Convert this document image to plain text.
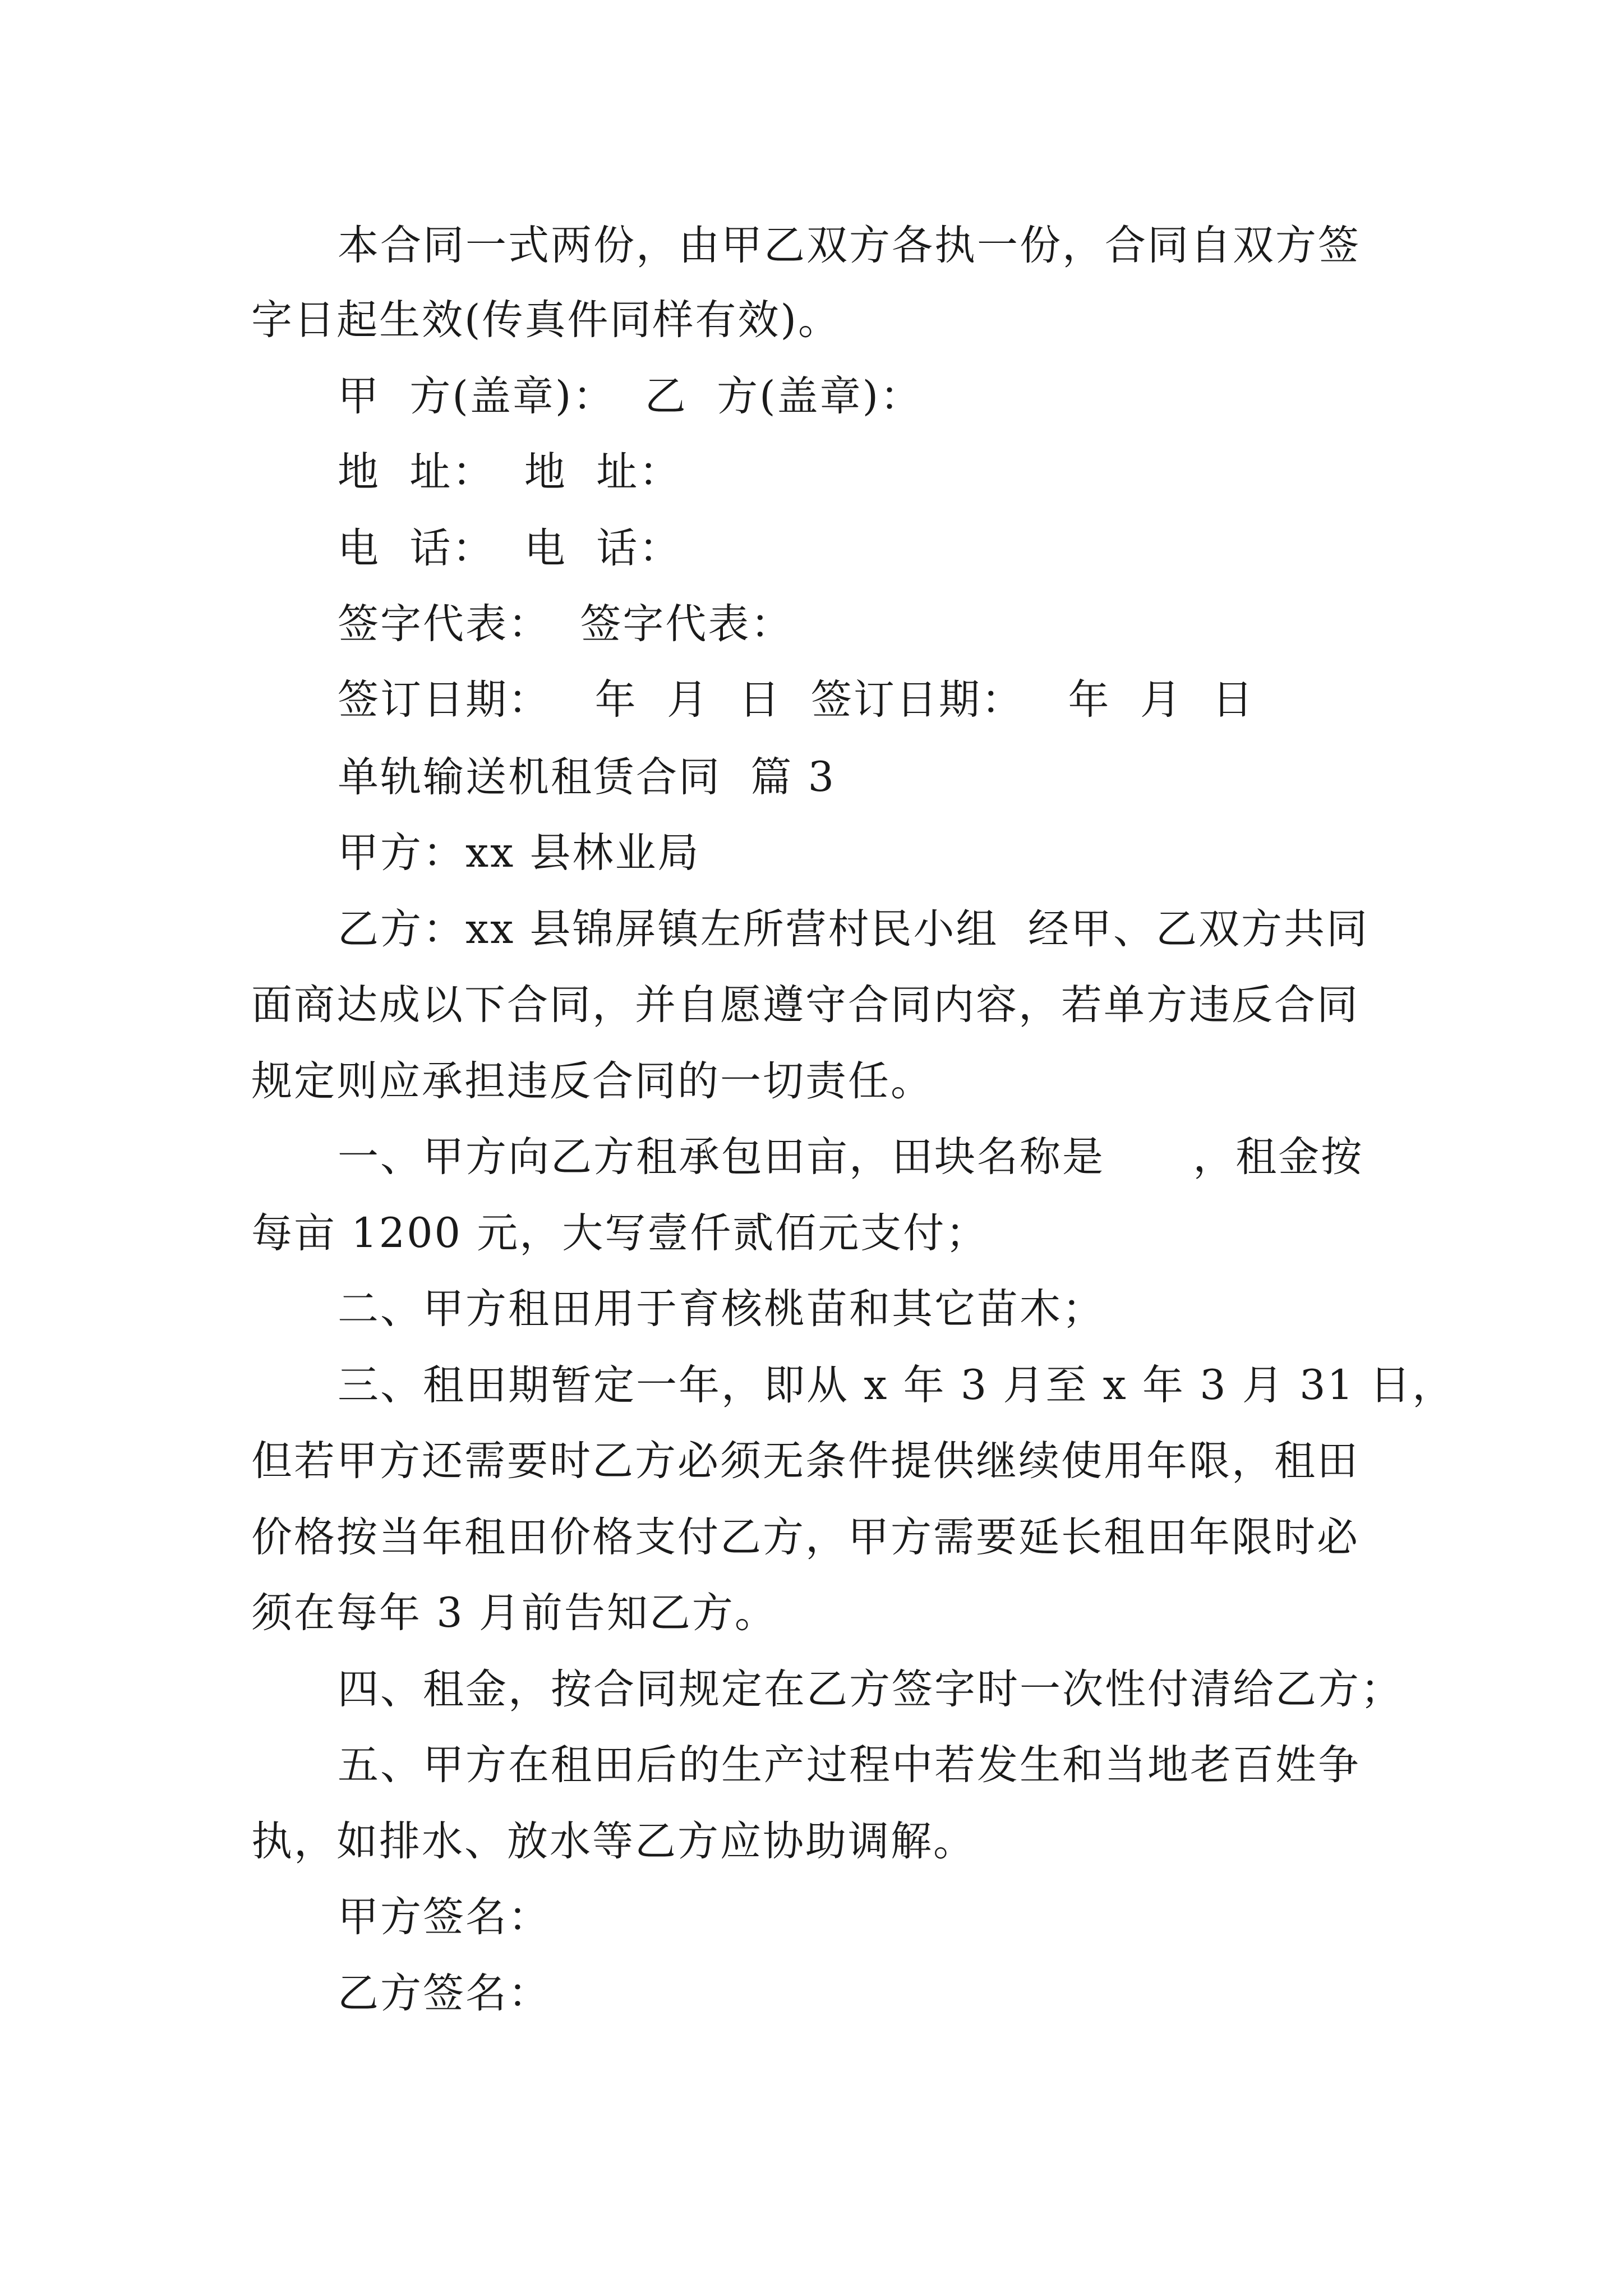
本合同一式两份，由甲乙双方各执一份，合同自双方签
字日起生效(传真件同样有效)。
甲  方(盖章)：  乙  方(盖章)：
地  址：  地  址：
电  话：  电  话：
签字代表：  签字代表：
签订日期：   年  月  日  签订日期：   年  月  日
单轨输送机租赁合同  篇 3
甲方：xx 县林业局
乙方：xx 县锦屏镇左所营村民小组  经甲、乙双方共同
面商达成以下合同，并自愿遵守合同内容，若单方违反合同
规定则应承担违反合同的一切责任。
一、甲方向乙方租承包田亩，田块名称是      ，租金按
每亩 1200 元，大写壹仟贰佰元支付；
二、甲方租田用于育核桃苗和其它苗木；
三、租田期暂定一年，即从 x 年 3 月至 x 年 3 月 31 日，
但若甲方还需要时乙方必须无条件提供继续使用年限，租田
价格按当年租田价格支付乙方，甲方需要延长租田年限时必
须在每年 3 月前告知乙方。
四、租金，按合同规定在乙方签字时一次性付清给乙方；
五、甲方在租田后的生产过程中若发生和当地老百姓争
执，如排水、放水等乙方应协助调解。
甲方签名：
乙方签名：
